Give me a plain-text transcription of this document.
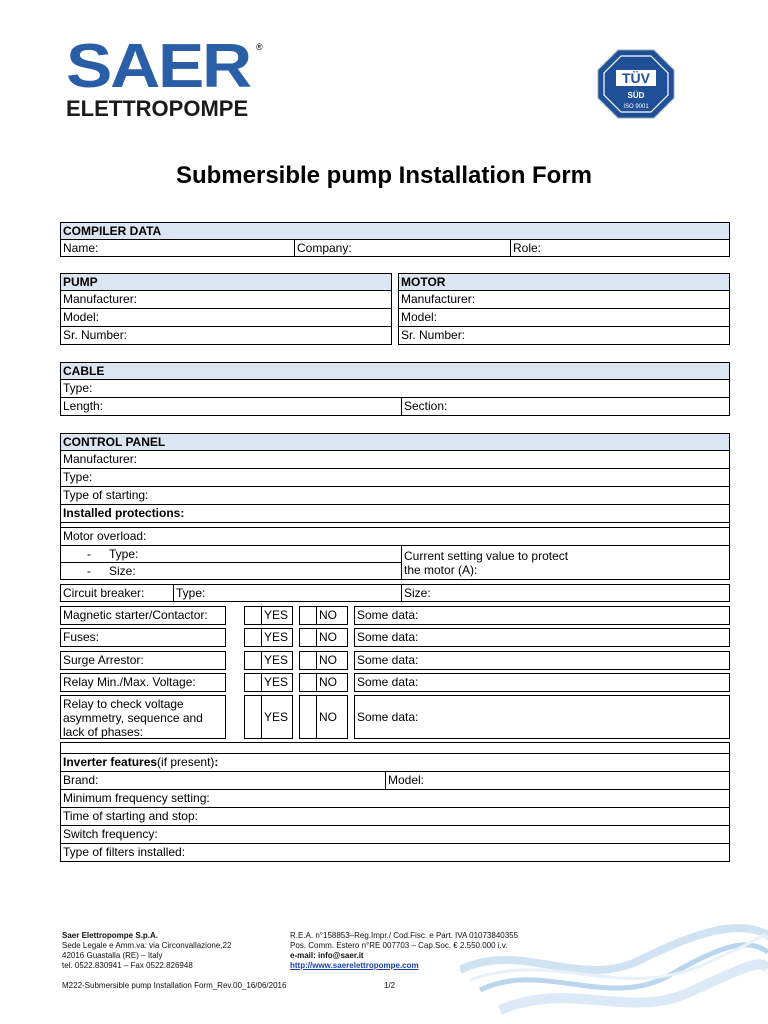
SAER ®
ELETTROPOMPE
TÜV
SÜD
ISO 9001
Submersible pump Installation Form
COMPILER DATA
Name:	Company:	Role:
PUMP
Manufacturer:
Model:
Sr. Number:
MOTOR
Manufacturer:
Model:
Sr. Number:
CABLE
Type:
Length:	Section:
CONTROL PANEL
Manufacturer:
Type:
Type of starting:
Installed protections:
Motor overload:
- Type:
- Size:
Current setting value to protect
the motor (A):
Circuit breaker:	Type:	Size:
Magnetic starter/Contactor:	YES	NO	Some data:
Fuses:	YES	NO	Some data:
Surge Arrestor:	YES	NO	Some data:
Relay Min./Max. Voltage:	YES	NO	Some data:
Relay to check voltage
asymmetry, sequence and
lack of phases:
YES	NO	Some data:
Inverter features(if present):
Brand:	Model:
Minimum frequency setting:
Time of starting and stop:
Switch frequency:
Type of filters installed:
Saer Elettropompe S.p.A.
Sede Legale e Amm.va: via Circonvallazione,22
42016 Guastalla (RE) – Italy
tel. 0522.830941 – Fax 0522.826948
R.E.A. n°158853–Reg.Impr./ Cod.Fisc. e Part. IVA 01073840355
Pos. Comm. Estero n°RE 007703 – Cap.Soc. € 2.550.000 i.v.
e-mail: info@saer.it
http://www.saerelettropompe.com
M222-Submersible pump Installation Form_Rev.00_16/06/2016	1/2
